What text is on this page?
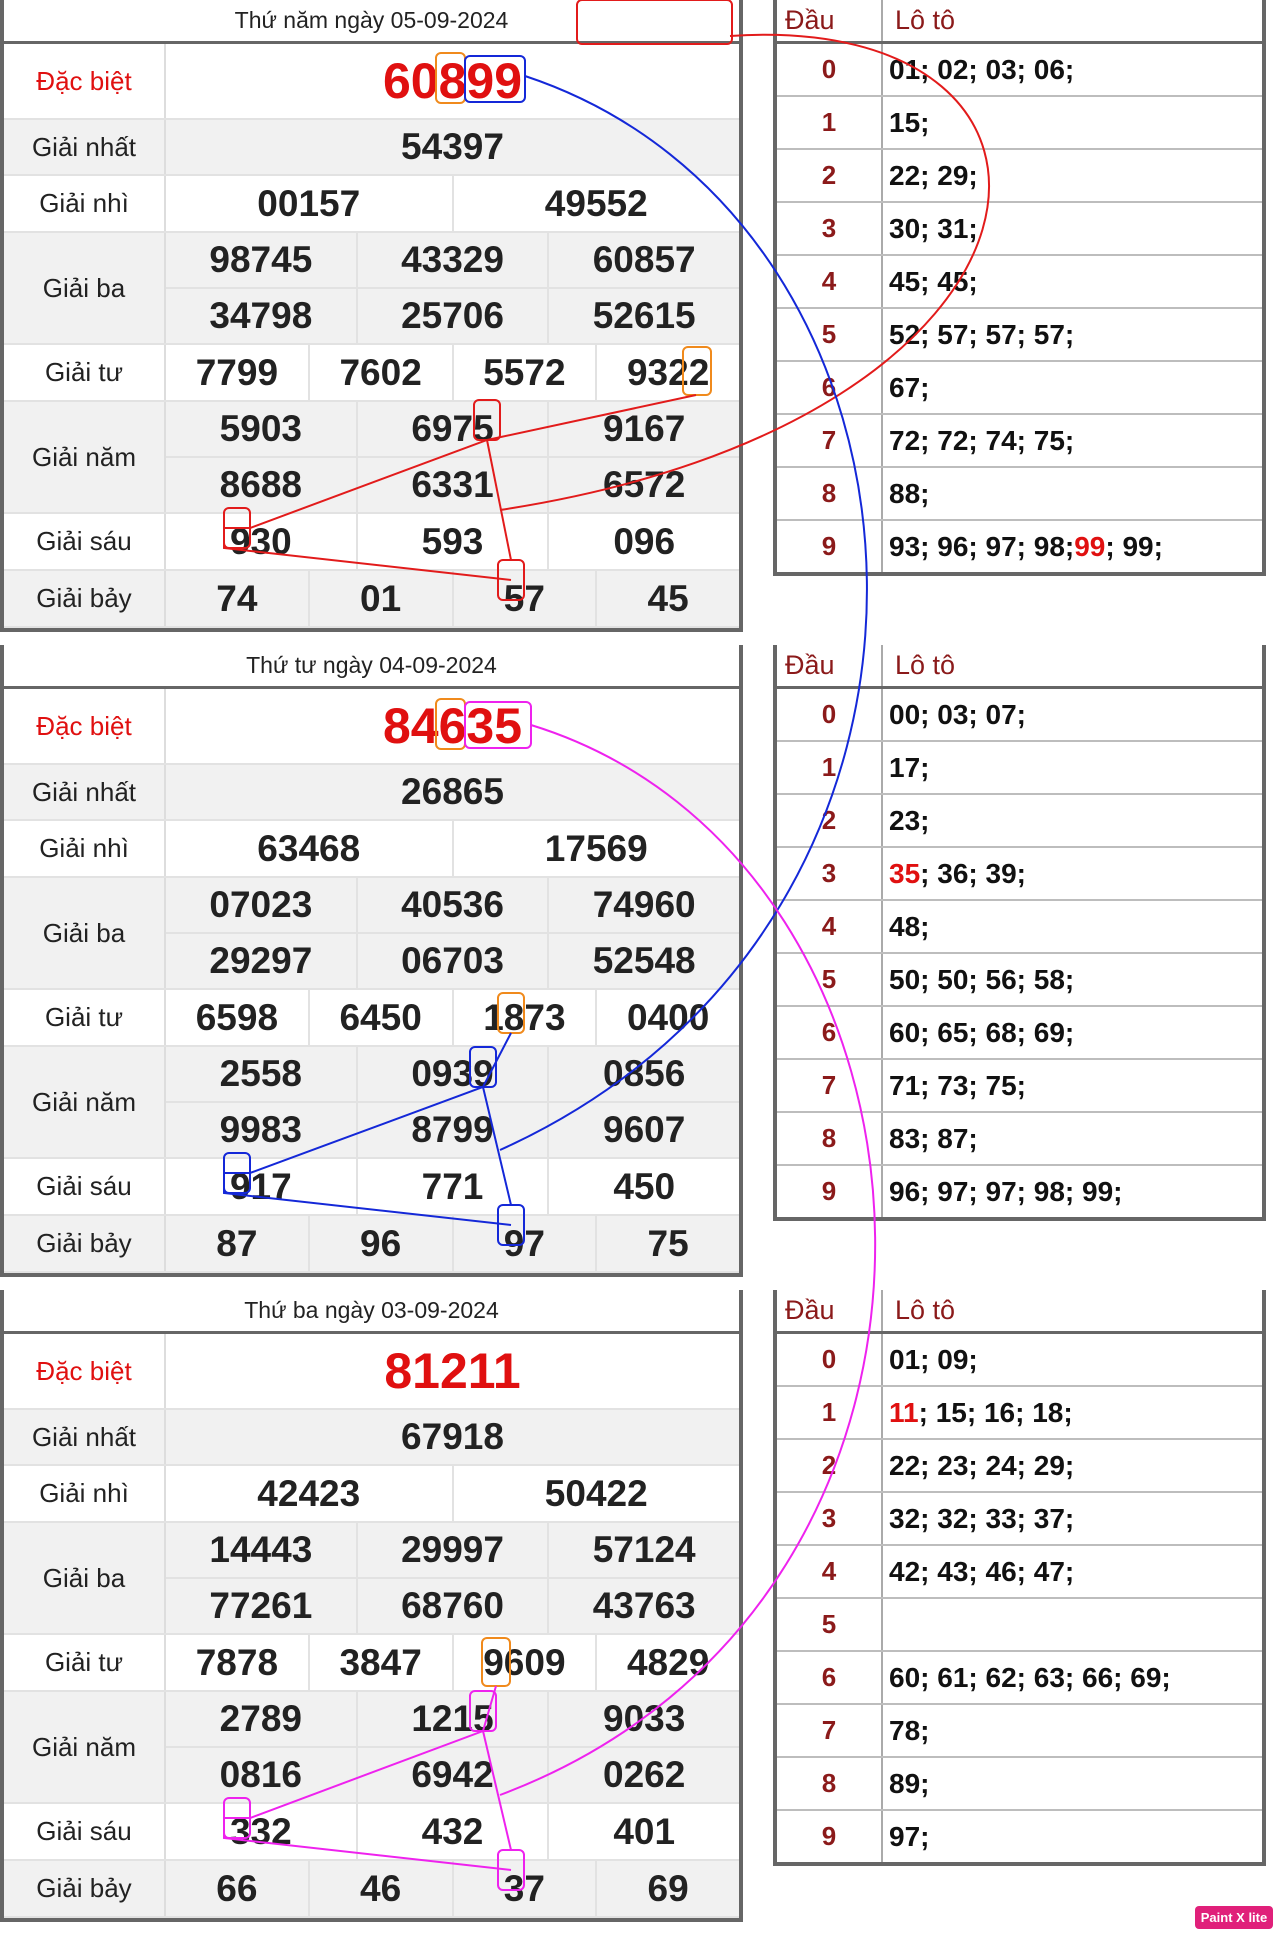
Thứ năm ngày 05-09-2024
Đặc biệt	60899
Giải nhất	54397
Giải nhì	00157	49552
Giải ba
98745	43329	60857
34798	25706	52615
Giải tư	7799	7602	5572	9322
Giải năm
5903	6975	9167
8688	6331	6572
Giải sáu	930	593	096
Giải bảy	74	01	57	45
Đầu	Lô tô
0	01; 02; 03; 06;
1	15;
2	22; 29;
3	30; 31;
4	45; 45;
5	52; 57; 57; 57;
6	67;
7	72; 72; 74; 75;
8	88;
9	93; 96; 97; 98; 99 ; 99;
Thứ tư ngày 04-09-2024
Đặc biệt	84635
Giải nhất	26865
Giải nhì	63468	17569
Giải ba
07023	40536	74960
29297	06703	52548
Giải tư	6598	6450	1873	0400
Giải năm
2558	0939	0856
9983	8799	9607
Giải sáu	917	771	450
Giải bảy	87	96	97	75
Đầu	Lô tô
0	00; 03; 07;
1	17;
2	23;
3	35 ; 36; 39;
4	48;
5	50; 50; 56; 58;
6	60; 65; 68; 69;
7	71; 73; 75;
8	83; 87;
9	96; 97; 97; 98; 99;
Thứ ba ngày 03-09-2024
Đặc biệt	81211
Giải nhất	67918
Giải nhì	42423	50422
Giải ba
14443	29997	57124
77261	68760	43763
Giải tư	7878	3847	9609	4829
Giải năm
2789	1215	9033
0816	6942	0262
Giải sáu	332	432	401
Giải bảy	66	46	37	69
Đầu	Lô tô
0	01; 09;
1	11 ; 15; 16; 18;
2	22; 23; 24; 29;
3	32; 32; 33; 37;
4	42; 43; 46; 47;
5
6	60; 61; 62; 63; 66; 69;
7	78;
8	89;
9	97;
Paint X lite
